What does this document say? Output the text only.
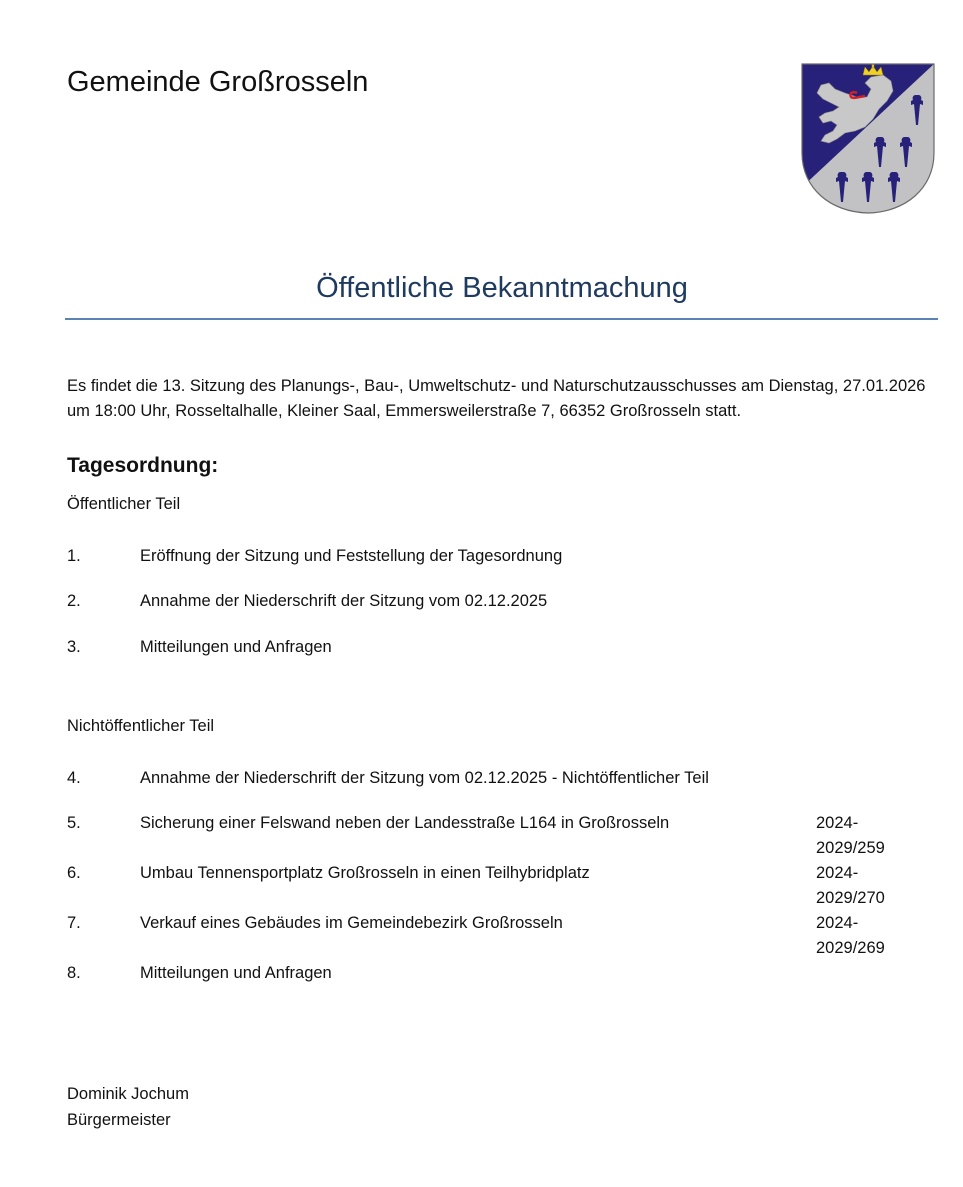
Gemeinde Großrosseln
Öffentliche Bekanntmachung
Es findet die 13. Sitzung des Planungs-, Bau-, Umweltschutz- und Naturschutzausschusses am Dienstag, 27.01.2026 um 18:00 Uhr, Rosseltalhalle, Kleiner Saal, Emmersweilerstraße 7, 66352 Großrosseln statt.
Tagesordnung:
Öffentlicher Teil
1.	Eröffnung der Sitzung und Feststellung der Tagesordnung
2.	Annahme der Niederschrift der Sitzung vom 02.12.2025
3.	Mitteilungen und Anfragen
Nichtöffentlicher Teil
4.	Annahme der Niederschrift der Sitzung vom 02.12.2025 - Nichtöffentlicher Teil
5.	Sicherung einer Felswand neben der Landesstraße L164 in Großrosseln	2024-2029/259
6.	Umbau Tennensportplatz Großrosseln in einen Teilhybridplatz	2024-2029/270
7.	Verkauf eines Gebäudes im Gemeindebezirk Großrosseln	2024-2029/269
8.	Mitteilungen und Anfragen
Dominik Jochum
Bürgermeister
